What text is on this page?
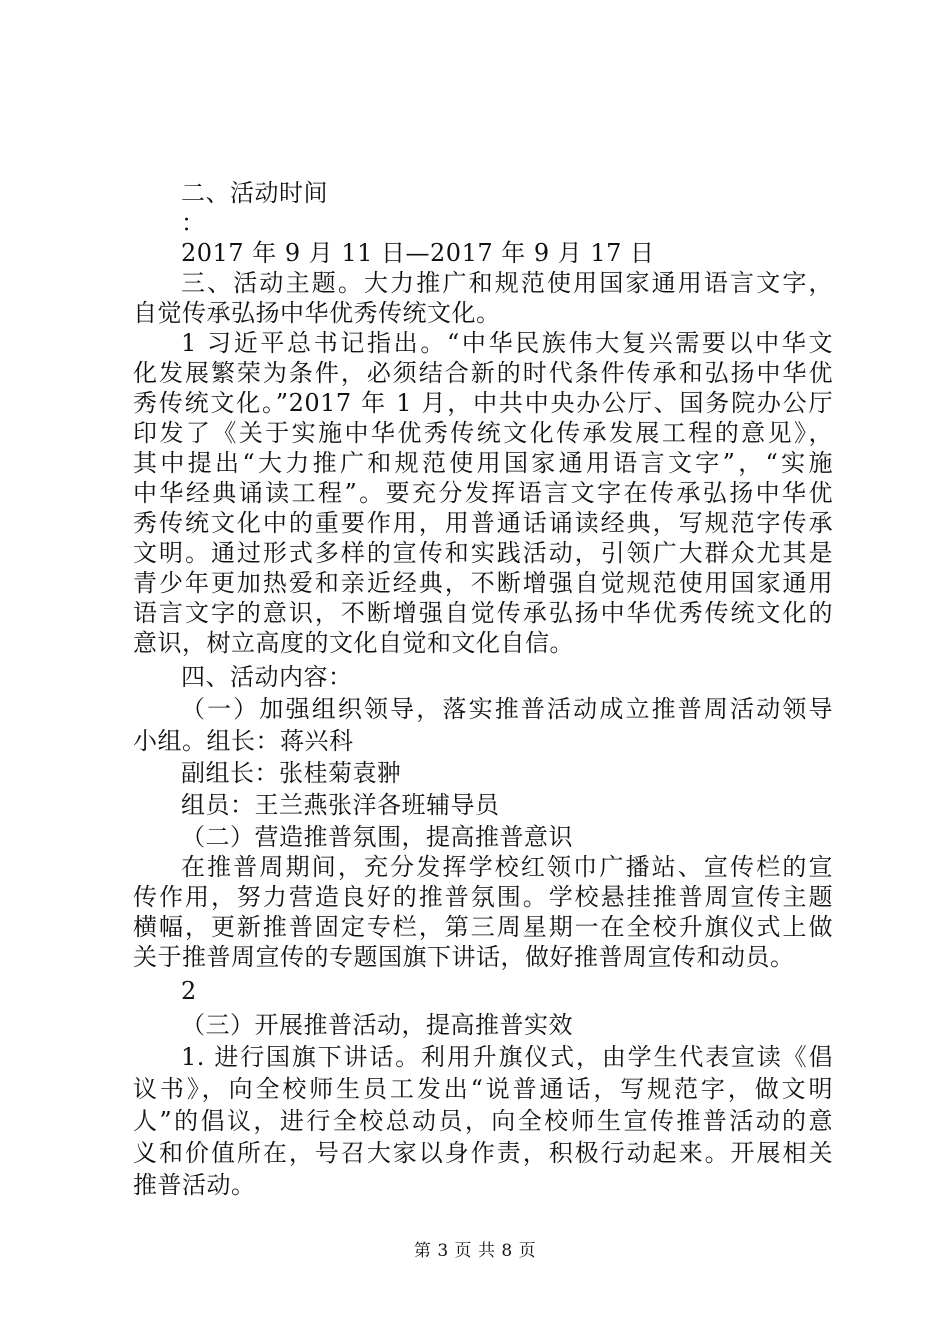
二、活动时间
：
2017 年 9 月 11 日—2017 年 9 月 17 日
三、活动主题。大力推广和规范使用国家通用语言文字，
自觉传承弘扬中华优秀传统文化。
1 习近平总书记指出。“中华民族伟大复兴需要以中华文
化发展繁荣为条件，必须结合新的时代条件传承和弘扬中华优
秀传统文化。”2017 年 1 月，中共中央办公厅、国务院办公厅
印发了《关于实施中华优秀传统文化传承发展工程的意见》，
其中提出“大力推广和规范使用国家通用语言文字”，“实施
中华经典诵读工程”。要充分发挥语言文字在传承弘扬中华优
秀传统文化中的重要作用，用普通话诵读经典，写规范字传承
文明。通过形式多样的宣传和实践活动，引领广大群众尤其是
青少年更加热爱和亲近经典，不断增强自觉规范使用国家通用
语言文字的意识，不断增强自觉传承弘扬中华优秀传统文化的
意识，树立高度的文化自觉和文化自信。
四、活动内容：
（一）加强组织领导，落实推普活动成立推普周活动领导
小组。组长：蒋兴科
副组长：张桂菊袁翀
组员：王兰燕张洋各班辅导员
（二）营造推普氛围，提高推普意识
在推普周期间，充分发挥学校红领巾广播站、宣传栏的宣
传作用，努力营造良好的推普氛围。学校悬挂推普周宣传主题
横幅，更新推普固定专栏，第三周星期一在全校升旗仪式上做
关于推普周宣传的专题国旗下讲话，做好推普周宣传和动员。
2
（三）开展推普活动，提高推普实效
1. 进行国旗下讲话。利用升旗仪式，由学生代表宣读《倡
议书》，向全校师生员工发出“说普通话，写规范字，做文明
人”的倡议，进行全校总动员，向全校师生宣传推普活动的意
义和价值所在，号召大家以身作责，积极行动起来。开展相关
推普活动。
第 3 页 共 8 页
